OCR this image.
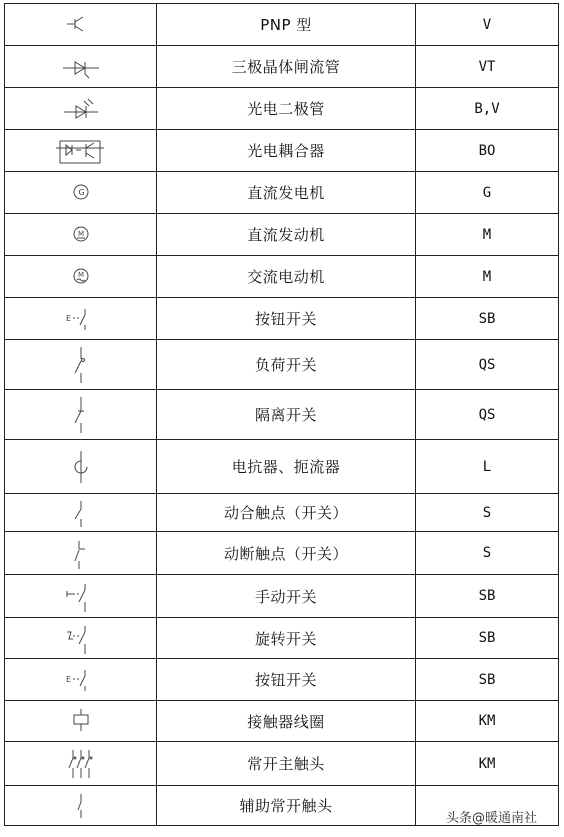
	PNP 型	V

	三极晶体闸流管	VT

	光电二极管	B,V

	光电耦合器	BO

G	直流发电机	G

M	直流发动机	M

M	交流电动机	M

E	按钮开关	SB

	负荷开关	QS

	隔离开关	QS

	电抗器、扼流器	L

	动合触点（开关）	S

	动断触点（开关）	S

	手动开关	SB

	旋转开关	SB

E	按钮开关	SB

	接触器线圈	KM

	常开主触头	KM

	辅助常开触头	
头条@暖通南社
